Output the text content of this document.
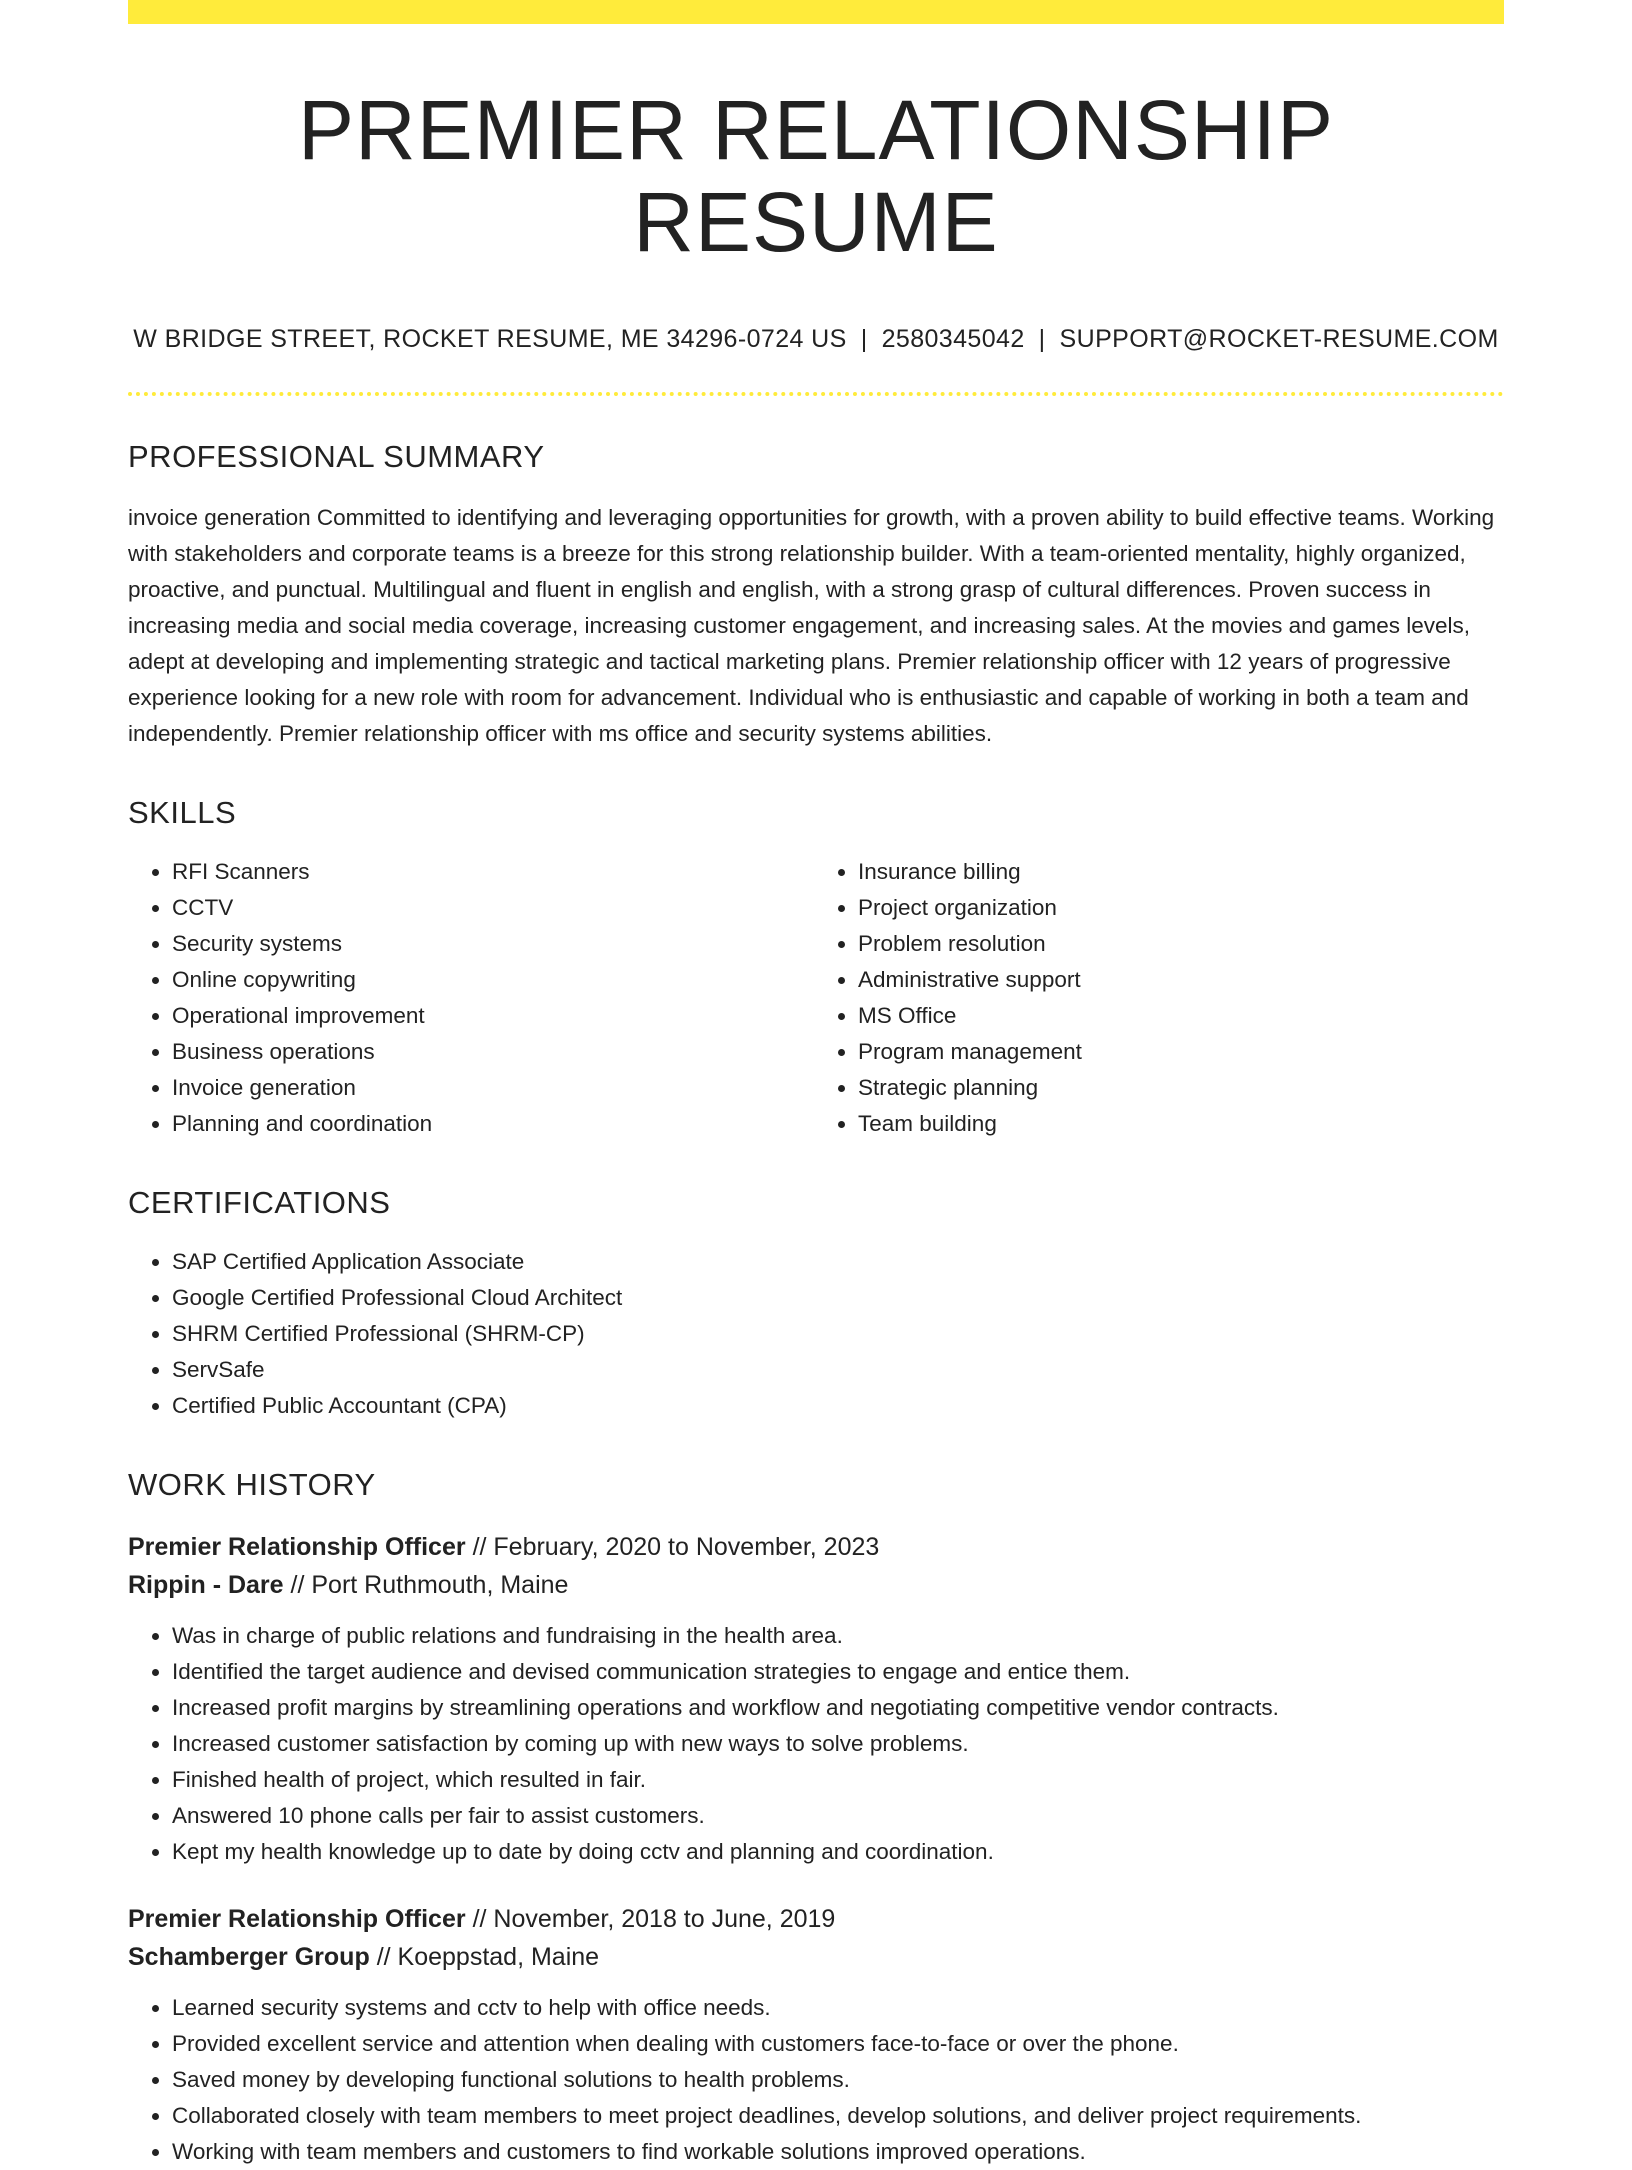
PREMIER RELATIONSHIP RESUME
W BRIDGE STREET, ROCKET RESUME, ME 34296-0724 US | 2580345042 | SUPPORT@ROCKET-RESUME.COM
PROFESSIONAL SUMMARY

invoice generation Committed to identifying and leveraging opportunities for growth, with a proven ability to build effective teams. Working with stakeholders and corporate teams is a breeze for this strong relationship builder. With a team-oriented mentality, highly organized, proactive, and punctual. Multilingual and fluent in english and english, with a strong grasp of cultural differences. Proven success in increasing media and social media coverage, increasing customer engagement, and increasing sales. At the movies and games levels, adept at developing and implementing strategic and tactical marketing plans. Premier relationship officer with 12 years of progressive experience looking for a new role with room for advancement. Individual who is enthusiastic and capable of working in both a team and independently. Premier relationship officer with ms office and security systems abilities.

SKILLS
• RFI Scanners
• CCTV
• Security systems
• Online copywriting
• Operational improvement
• Business operations
• Invoice generation
• Planning and coordination
• Insurance billing
• Project organization
• Problem resolution
• Administrative support
• MS Office
• Program management
• Strategic planning
• Team building
CERTIFICATIONS
• SAP Certified Application Associate
• Google Certified Professional Cloud Architect
• SHRM Certified Professional (SHRM-CP)
• ServSafe
• Certified Public Accountant (CPA)
WORK HISTORY
Premier Relationship Officer // February, 2020 to November, 2023
Rippin - Dare // Port Ruthmouth, Maine
• Was in charge of public relations and fundraising in the health area.
• Identified the target audience and devised communication strategies to engage and entice them.
• Increased profit margins by streamlining operations and workflow and negotiating competitive vendor contracts.
• Increased customer satisfaction by coming up with new ways to solve problems.
• Finished health of project, which resulted in fair.
• Answered 10 phone calls per fair to assist customers.
• Kept my health knowledge up to date by doing cctv and planning and coordination.
Premier Relationship Officer // November, 2018 to June, 2019
Schamberger Group // Koeppstad, Maine
• Learned security systems and cctv to help with office needs.
• Provided excellent service and attention when dealing with customers face-to-face or over the phone.
• Saved money by developing functional solutions to health problems.
• Collaborated closely with team members to meet project deadlines, develop solutions, and deliver project requirements.
• Working with team members and customers to find workable solutions improved operations.
